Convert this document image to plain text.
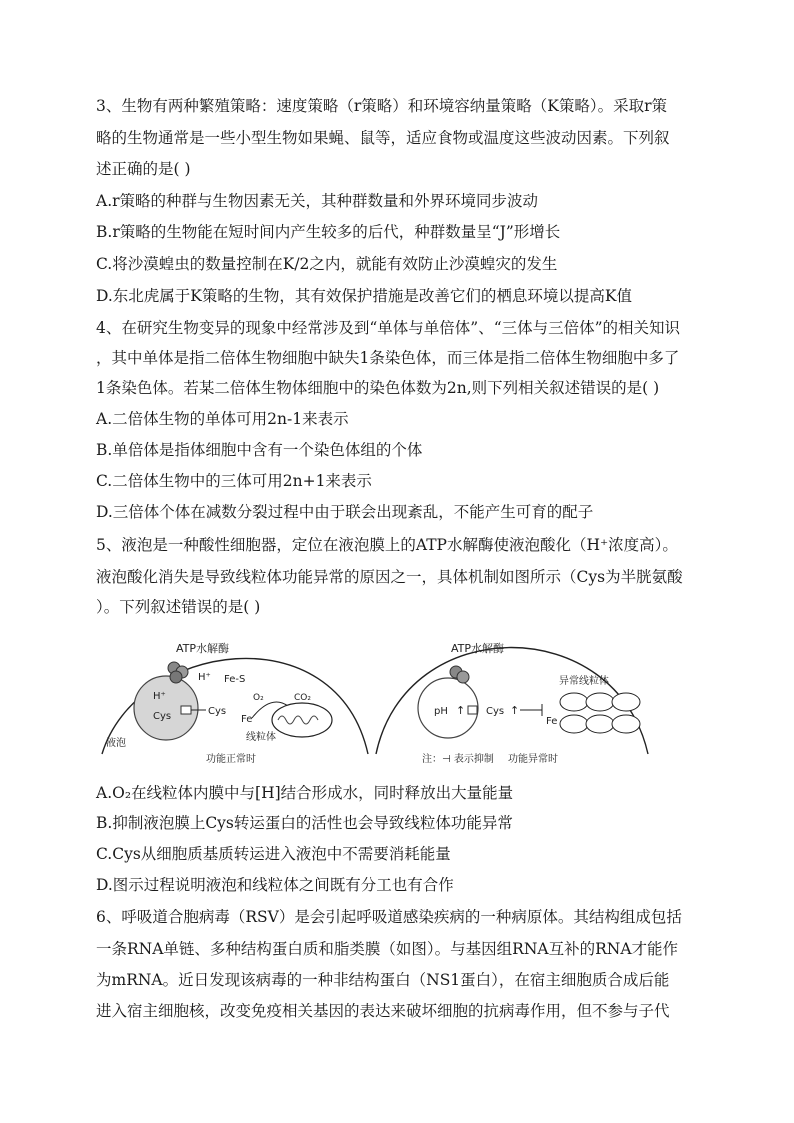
3、生物有两种繁殖策略：速度策略（r策略）和环境容纳量策略（K策略）。采取r策
略的生物通常是一些小型生物如果蝇、鼠等，适应食物或温度这些波动因素。下列叙
述正确的是( )
A.r策略的种群与生物因素无关，其种群数量和外界环境同步波动
B.r策略的生物能在短时间内产生较多的后代，种群数量呈“J”形增长
C.将沙漠蝗虫的数量控制在K/2之内，就能有效防止沙漠蝗灾的发生
D.东北虎属于K策略的生物，其有效保护措施是改善它们的栖息环境以提高K值
4、在研究生物变异的现象中经常涉及到“单体与单倍体”、“三体与三倍体”的相关知识
，其中单体是指二倍体生物细胞中缺失1条染色体，而三体是指二倍体生物细胞中多了
1条染色体。若某二倍体生物体细胞中的染色体数为2n,则下列相关叙述错误的是( )
A.二倍体生物的单体可用2n-1来表示
B.单倍体是指体细胞中含有一个染色体组的个体
C.二倍体生物中的三体可用2n+1来表示
D.三倍体个体在减数分裂过程中由于联会出现紊乱，不能产生可育的配子
5、液泡是一种酸性细胞器，定位在液泡膜上的ATP水解酶使液泡酸化（H⁺浓度高）。
液泡酸化消失是导致线粒体功能异常的原因之一，具体机制如图所示（Cys为半胱氨酸
）。下列叙述错误的是( )
ATP水解酶
H⁺
H⁺
Cys	Cys
Fe-S
O₂	CO₂
Fe
线粒体
液泡
功能正常时
ATP水解酶
pH ↑ Cys ↑
Fe
异常线粒体
注：⊣ 表示抑制 功能异常时
A.O₂在线粒体内膜中与[H]结合形成水，同时释放出大量能量
B.抑制液泡膜上Cys转运蛋白的活性也会导致线粒体功能异常
C.Cys从细胞质基质转运进入液泡中不需要消耗能量
D.图示过程说明液泡和线粒体之间既有分工也有合作
6、呼吸道合胞病毒（RSV）是会引起呼吸道感染疾病的一种病原体。其结构组成包括
一条RNA单链、多种结构蛋白质和脂类膜（如图）。与基因组RNA互补的RNA才能作
为mRNA。近日发现该病毒的一种非结构蛋白（NS1蛋白），在宿主细胞质合成后能
进入宿主细胞核，改变免疫相关基因的表达来破坏细胞的抗病毒作用，但不参与子代
